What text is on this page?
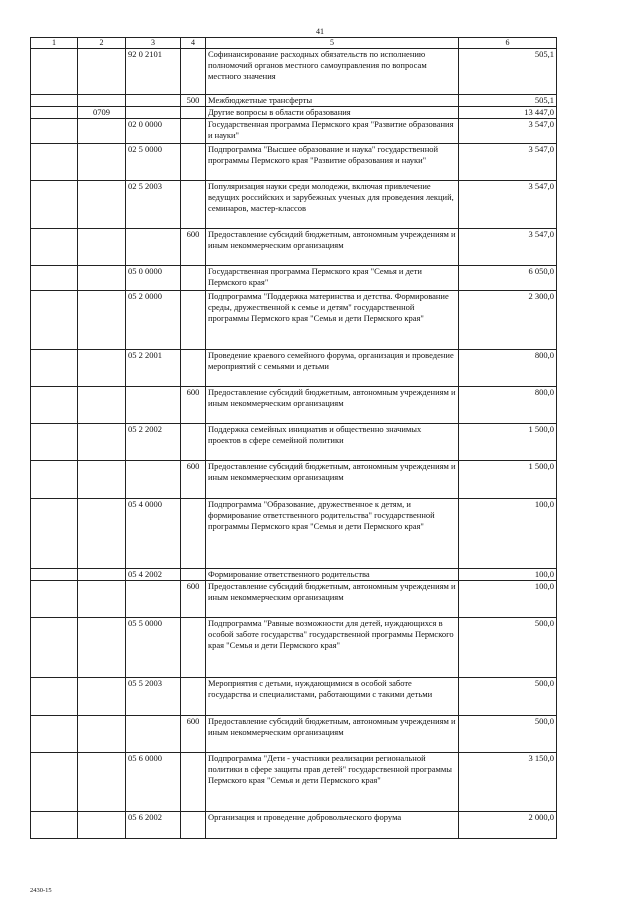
41
1	2	3	4	5	6
		92 0 2101		Софинансирование расходных обязательств по исполнению полномочий органов местного самоуправления по вопросам местного значения	505,1
			500	Межбюджетные трансферты	505,1
	0709			Другие вопросы в области образования	13 447,0
		02 0 0000		Государственная программа Пермского края "Развитие образования и науки"	3 547,0
		02 5 0000		Подпрограмма "Высшее образование и наука" государственной программы Пермского края "Развитие образования и науки"	3 547,0
		02 5 2003		Популяризация науки среди молодежи, включая привлечение ведущих российских и зарубежных ученых для проведения лекций, семинаров, мастер-классов	3 547,0
			600	Предоставление субсидий бюджетным, автономным учреждениям и иным некоммерческим организациям	3 547,0
		05 0 0000		Государственная программа Пермского края "Семья и дети Пермского края"	6 050,0
		05 2 0000		Подпрограмма "Поддержка материнства и детства. Формирование среды, дружественной к семье и детям" государственной программы Пермского края "Семья и дети Пермского края"	2 300,0
		05 2 2001		Проведение краевого семейного форума, организация и проведение мероприятий с семьями и детьми	800,0
			600	Предоставление субсидий бюджетным, автономным учреждениям и иным некоммерческим организациям	800,0
		05 2 2002		Поддержка семейных инициатив и общественно значимых проектов в сфере семейной политики	1 500,0
			600	Предоставление субсидий бюджетным, автономным учреждениям и иным некоммерческим организациям	1 500,0
		05 4 0000		Подпрограмма "Образование, дружественное к детям, и формирование ответственного родительства" государственной программы Пермского края "Семья и дети Пермского края"	100,0
		05 4 2002		Формирование ответственного родительства	100,0
			600	Предоставление субсидий бюджетным, автономным учреждениям и иным некоммерческим организациям	100,0
		05 5 0000		Подпрограмма "Равные возможности для детей, нуждающихся в особой заботе государства" государственной программы Пермского края "Семья и дети Пермского края"	500,0
		05 5 2003		Мероприятия с детьми, нуждающимися в особой заботе государства и специалистами, работающими с такими детьми	500,0
			600	Предоставление субсидий бюджетным, автономным учреждениям и иным некоммерческим организациям	500,0
		05 6 0000		Подпрограмма "Дети - участники реализации региональной политики в сфере защиты прав детей" государственной программы Пермского края "Семья и дети Пермского края"	3 150,0
		05 6 2002		Организация и проведение добровольческого форума	2 000,0
2430-15
